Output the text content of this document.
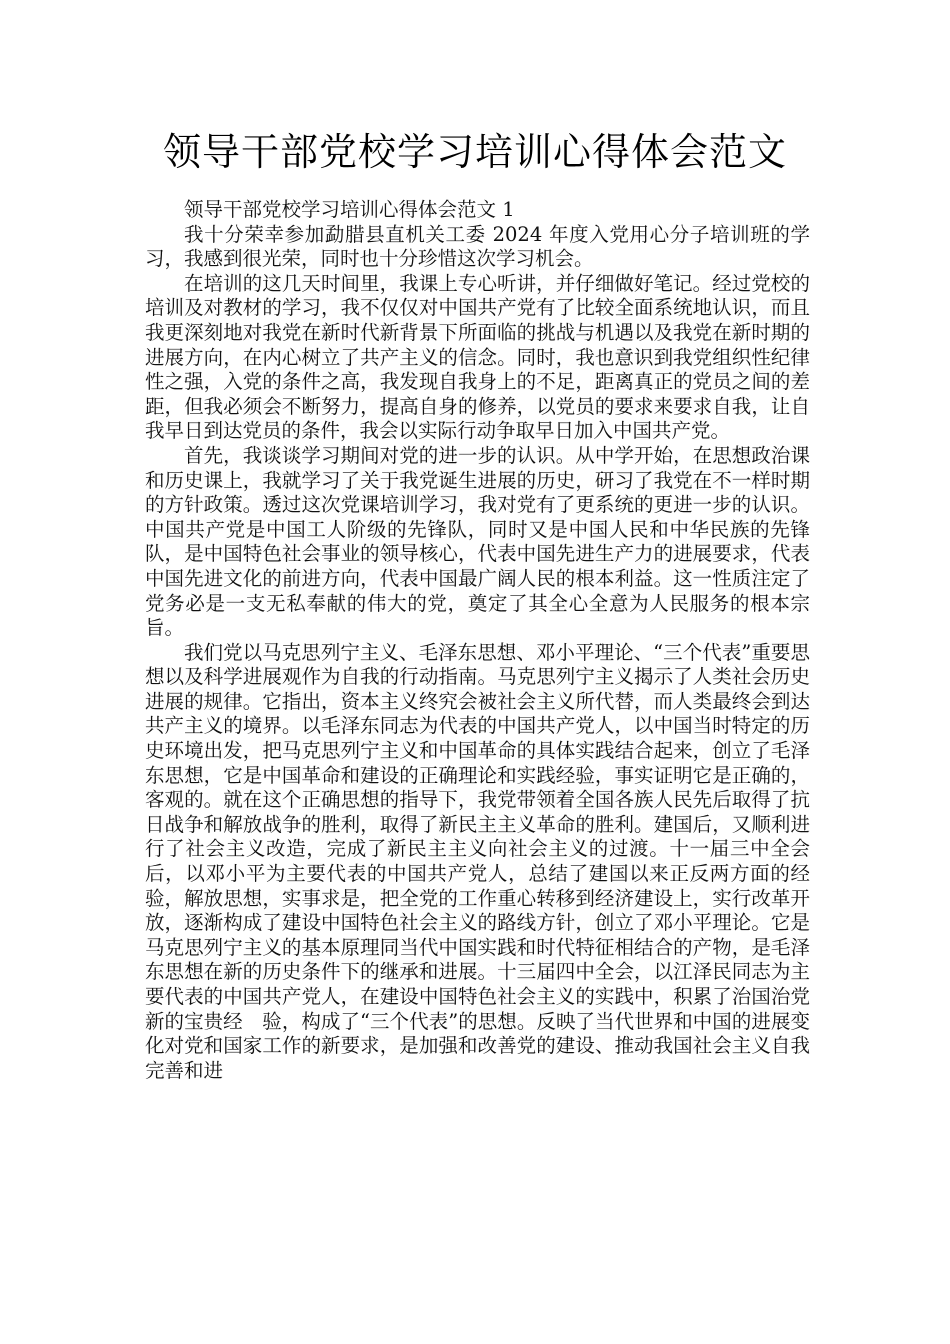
领导干部党校学习培训心得体会范文

领导干部党校学习培训心得体会范文 1

我十分荣幸参加勐腊县直机关工委 2024 年度入党用心分子培训班的学习，我感到很光荣，同时也十分珍惜这次学习机会。

在培训的这几天时间里，我课上专心听讲，并仔细做好笔记。经过党校的培训及对教材的学习，我不仅仅对中国共产党有了比较全面系统地认识，而且我更深刻地对我党在新时代新背景下所面临的挑战与机遇以及我党在新时期的进展方向，在内心树立了共产主义的信念。同时，我也意识到我党组织性纪律性之强，入党的条件之高，我发现自我身上的不足，距离真正的党员之间的差距，但我必须会不断努力，提高自身的修养，以党员的要求来要求自我，让自我早日到达党员的条件，我会以实际行动争取早日加入中国共产党。

首先，我谈谈学习期间对党的进一步的认识。从中学开始，在思想政治课和历史课上，我就学习了关于我党诞生进展的历史，研习了我党在不一样时期的方针政策。透过这次党课培训学习，我对党有了更系统的更进一步的认识。中国共产党是中国工人阶级的先锋队，同时又是中国人民和中华民族的先锋队，是中国特色社会事业的领导核心，代表中国先进生产力的进展要求，代表中国先进文化的前进方向，代表中国最广阔人民的根本利益。这一性质注定了党务必是一支无私奉献的伟大的党，奠定了其全心全意为人民服务的根本宗旨。

我们党以马克思列宁主义、毛泽东思想、邓小平理论、“三个代表”重要思想以及科学进展观作为自我的行动指南。马克思列宁主义揭示了人类社会历史进展的规律。它指出，资本主义终究会被社会主义所代替，而人类最终会到达共产主义的境界。以毛泽东同志为代表的中国共产党人，以中国当时特定的历史环境出发，把马克思列宁主义和中国革命的具体实践结合起来，创立了毛泽东思想，它是中国革命和建设的正确理论和实践经验，事实证明它是正确的，客观的。就在这个正确思想的指导下，我党带领着全国各族人民先后取得了抗日战争和解放战争的胜利，取得了新民主主义革命的胜利。建国后，又顺利进行了社会主义改造，完成了新民主主义向社会主义的过渡。十一届三中全会后，以邓小平为主要代表的中国共产党人，总结了建国以来正反两方面的经验，解放思想，实事求是，把全党的工作重心转移到经济建设上，实行改革开放，逐渐构成了建设中国特色社会主义的路线方针，创立了邓小平理论。它是马克思列宁主义的基本原理同当代中国实践和时代特征相结合的产物，是毛泽东思想在新的历史条件下的继承和进展。十三届四中全会，以江泽民同志为主要代表的中国共产党人，在建设中国特色社会主义的实践中，积累了治国治党新的宝贵经　验，构成了“三个代表”的思想。反映了当代世界和中国的进展变化对党和国家工作的新要求，是加强和改善党的建设、推动我国社会主义自我完善和进
